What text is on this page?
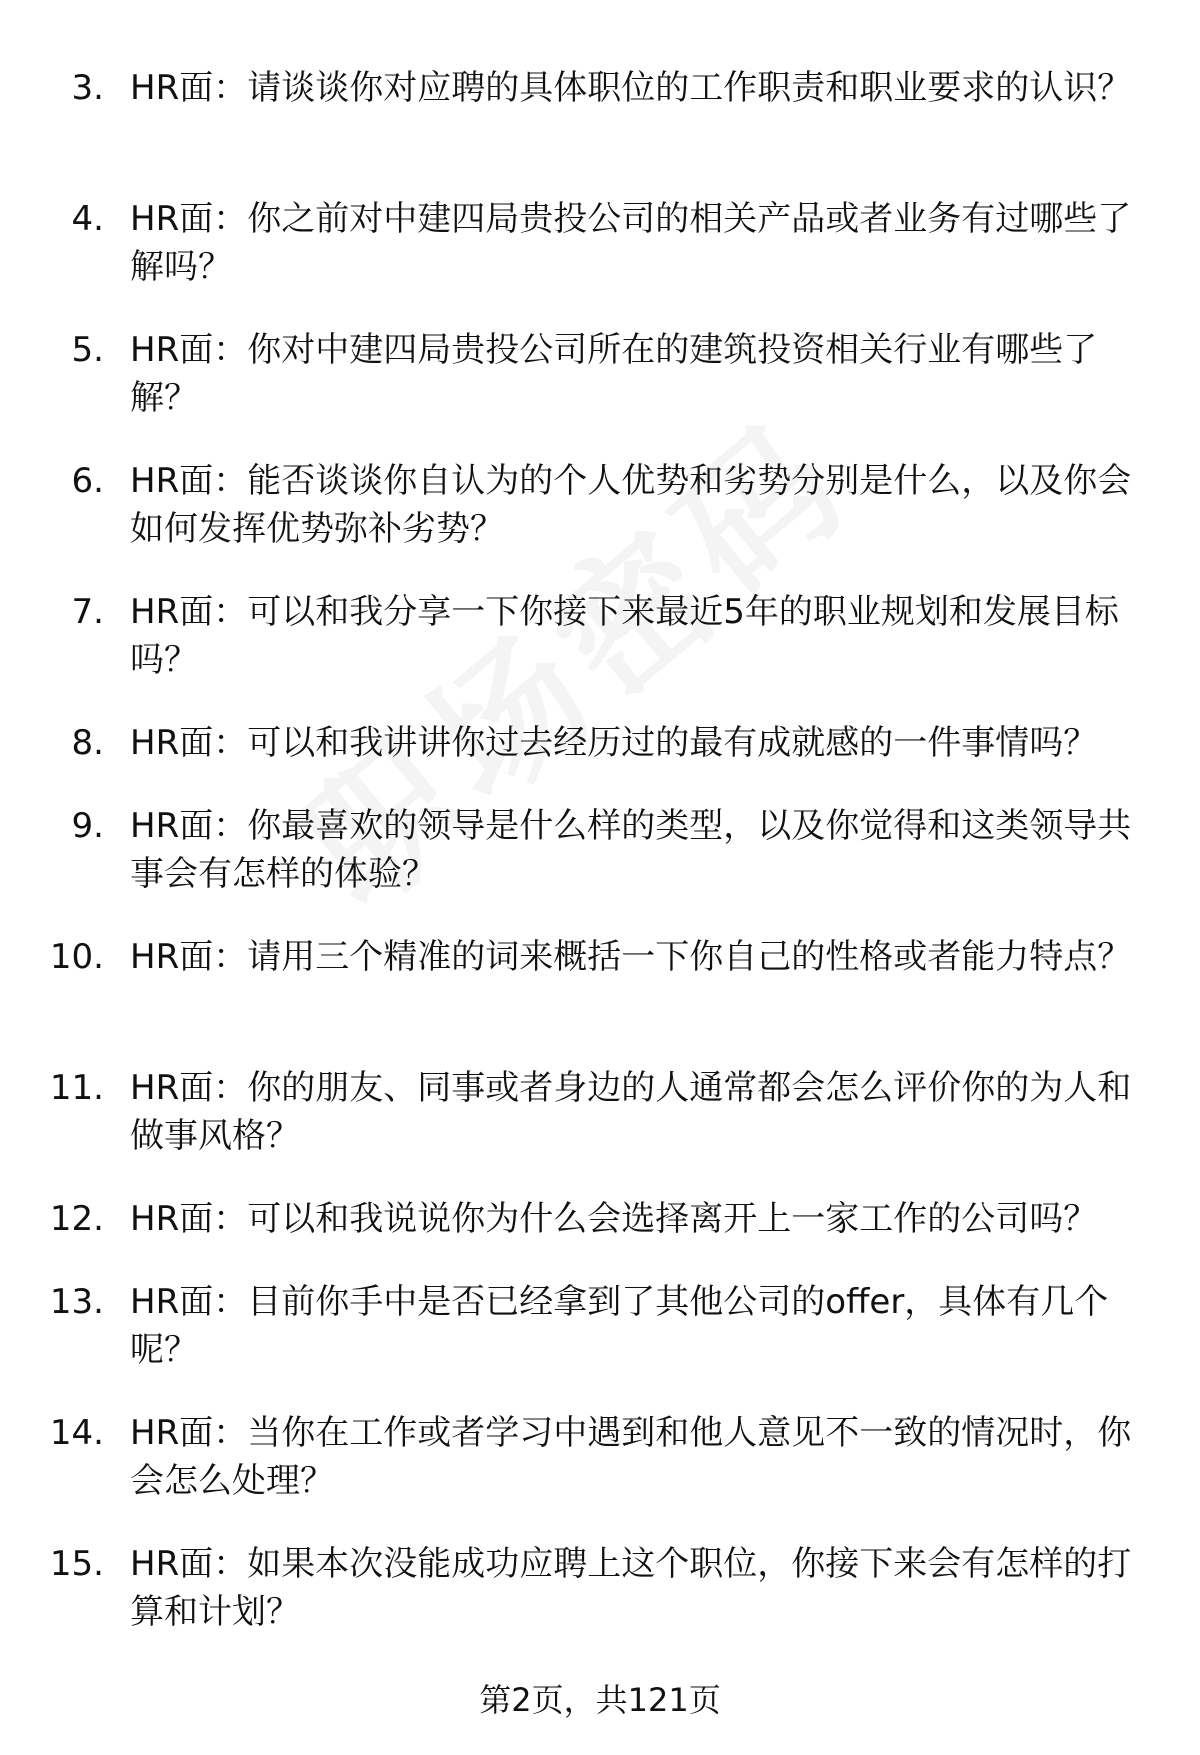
3. HR面：请谈谈你对应聘的具体职位的工作职责和职业要求的认识？
4. HR面：你之前对中建四局贵投公司的相关产品或者业务有过哪些了解吗？
5. HR面：你对中建四局贵投公司所在的建筑投资相关行业有哪些了解？
6. HR面：能否谈谈你自认为的个人优势和劣势分别是什么，以及你会如何发挥优势弥补劣势？
7. HR面：可以和我分享一下你接下来最近5年的职业规划和发展目标吗？
8. HR面：可以和我讲讲你过去经历过的最有成就感的一件事情吗？
9. HR面：你最喜欢的领导是什么样的类型，以及你觉得和这类领导共事会有怎样的体验？
10. HR面：请用三个精准的词来概括一下你自己的性格或者能力特点？
11. HR面：你的朋友、同事或者身边的人通常都会怎么评价你的为人和做事风格？
12. HR面：可以和我说说你为什么会选择离开上一家工作的公司吗？
13. HR面：目前你手中是否已经拿到了其他公司的offer，具体有几个呢？
14. HR面：当你在工作或者学习中遇到和他人意见不一致的情况时，你会怎么处理？
15. HR面：如果本次没能成功应聘上这个职位，你接下来会有怎样的打算和计划？
第2页，共121页
